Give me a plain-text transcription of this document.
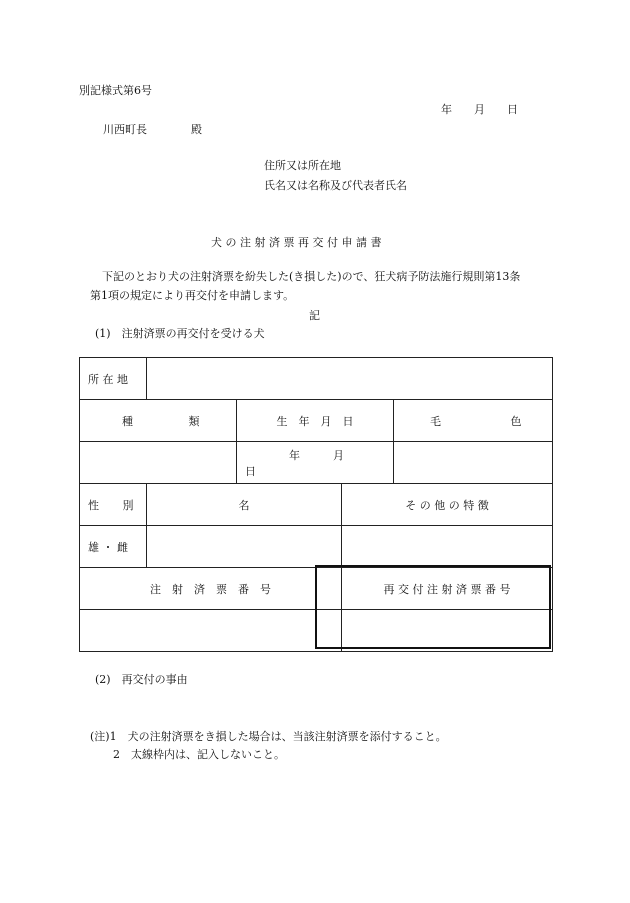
別記様式第6号
年　　月　　日
川西町長　　　　殿
住所又は所在地
氏名又は名称及び代表者氏名
犬 の 注 射 済 票 再 交 付 申 請 書
下記のとおり犬の注射済票を紛失した(き損した)ので、狂犬病予防法施行規則第13条
第1項の規定により再交付を申請します。
記
(1)　注射済票の再交付を受ける犬
所 在 地				
種 類		生　年　月　日		毛 色
		年　　　月　　　日		
性 別	名		そ の 他 の 特 徴	
雄 ・ 雌				
注　射　済　票　番　号			再 交 付 注 射 済 票 番 号	

(2)　再交付の事由
(注)1　犬の注射済票をき損した場合は、当該注射済票を添付すること。
2　太線枠内は、記入しないこと。
